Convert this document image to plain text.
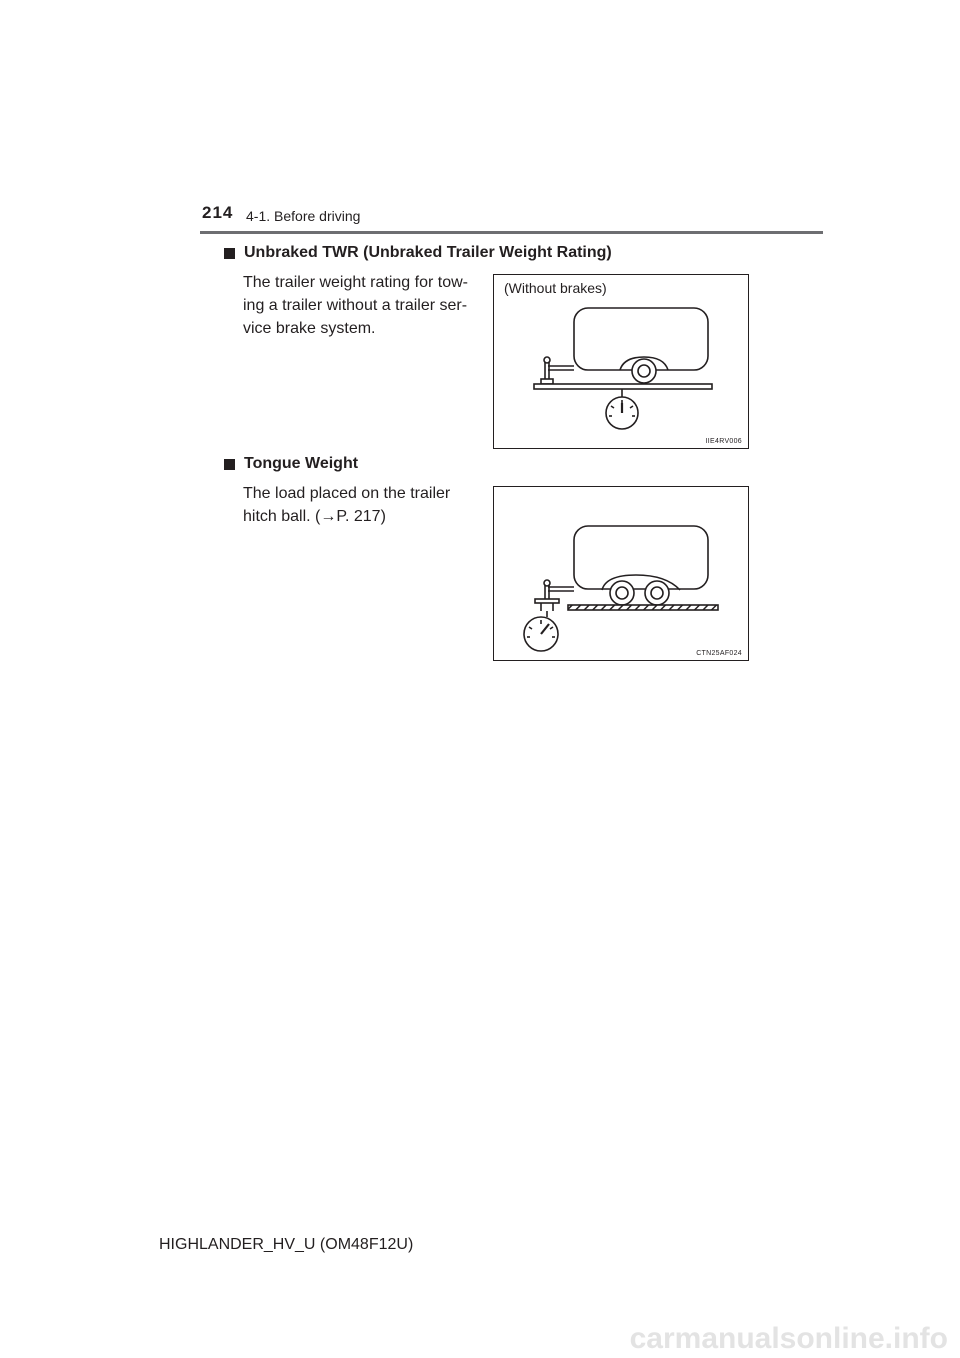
214 4-1. Before driving
Unbraked TWR (Unbraked Trailer Weight Rating)
The trailer weight rating for tow-
ing a trailer without a trailer ser-
vice brake system.
(Without brakes)
IIE4RV006
Tongue Weight
The load placed on the trailer
hitch ball. (→P. 217)
CTN25AF024
HIGHLANDER_HV_U (OM48F12U)
carmanualsonline.info
